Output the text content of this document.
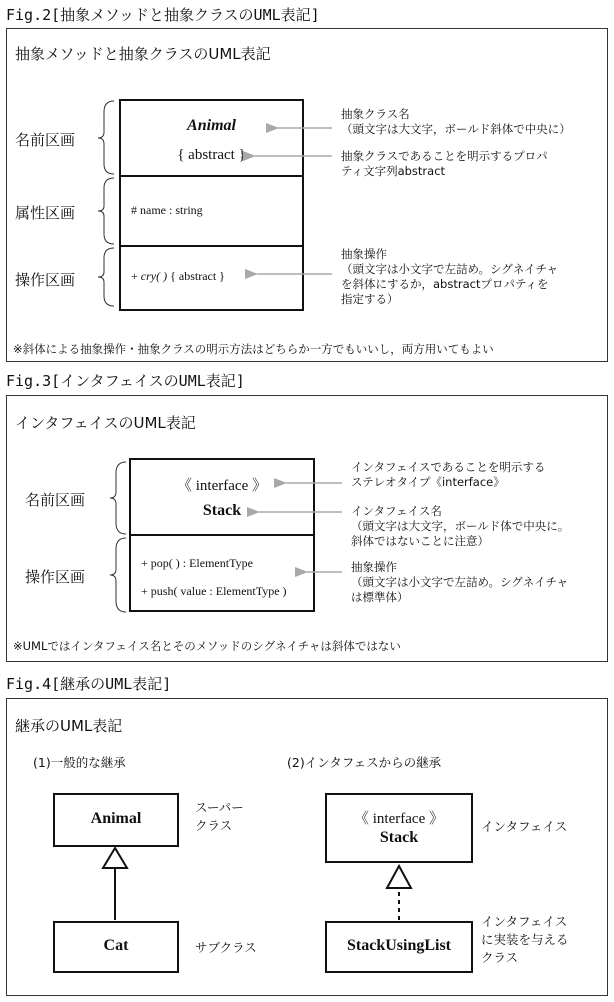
Fig.2[抽象メソッドと抽象クラスのUML表記]
抽象メソッドと抽象クラスのUML表記
名前区画
属性区画
操作区画
Animal
{ abstract }
# name : string
+ cry( ) { abstract }
抽象クラス名
（頭文字は大文字，ボールド斜体で中央に）
抽象クラスであることを明示するプロパ
ティ文字列abstract
抽象操作
（頭文字は小文字で左詰め。シグネイチャ
を斜体にするか，abstractプロパティを
指定する）
※斜体による抽象操作・抽象クラスの明示方法はどちらか一方でもいいし，両方用いてもよい
Fig.3[インタフェイスのUML表記]
インタフェイスのUML表記
名前区画
操作区画
《 interface 》
Stack
+ pop( ) : ElementType
+ push( value : ElementType )
インタフェイスであることを明示する
ステレオタイプ《interface》
インタフェイス名
（頭文字は大文字，ボールド体で中央に。
斜体ではないことに注意）
抽象操作
（頭文字は小文字で左詰め。シグネイチャ
は標準体）
※UMLではインタフェイス名とそのメソッドのシグネイチャは斜体ではない
Fig.4[継承のUML表記]
継承のUML表記
(1)一般的な継承	(2)インタフェスからの継承
Animal
スーパー
クラス
Cat	サブクラス
《 interface 》
Stack
インタフェイス
StackUsingList
インタフェイス
に実装を与える
クラス
